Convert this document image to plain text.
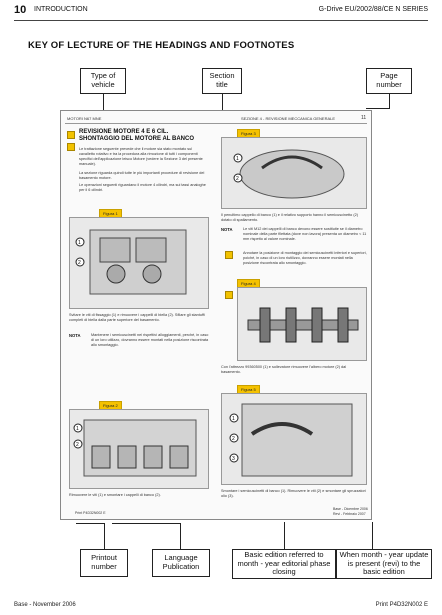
10 INTRODUCTION	G-Drive EU/2002/88/CE N SERIES
KEY OF LECTURE OF THE HEADINGS AND FOOTNOTES
Type of vehicle
Section title
Page number
MOTORI N67 MNE	SEZIONE 4 - REVISIONE MECCANICA GENERALE	11
REVISIONE MOTORE 4 E 6 CIL. SHONTAGGIO DEL MOTORE AL BANCO
Le trattazione seguente prevede che il motore sia stato montato sul cavalletto rotativo e tra la procedura alla rimozione di tutti i componenti specifici dell'applicazione leisco Motore (vedere la Sezione 3 del presente manuale).
La sezione riguarda quindi tutte le più importanti procedure di revisione del basamento motore.
Le operazioni seguenti riguardano il motore 4 cilindri, ma sui tassi analoghe per il 6 cilindri.
Figura 1
1
2
Svitare le viti di fissaggio (1) e rimuovere i cappelli di biella (2). Sfilare gli stantuffi completi di biella dalla parte superiore del basamento.
NOTA	Mantenere i semicuscinetti nei rispettivi alloggiamenti, perché, in caso di un loro utilizzo, dovranno essere montati nella posizione riscontrata allo smontaggio.
Figura 2
1
2
Rimuovere le viti (1) e smontare i cappelli di banco (2).
Print P4D32N002 E
Figura 3
1
2
Il penultimo cappello di banco (1) e il relativo supporto hanno il semicuscinetto (2) dotato di spallamento.
NOTA	Le viti M12 dei cappelli di banco devono essere sostituite se il diametro nominale della parte filettata (dove non lavora) presenta un diametro < 11 mm rispetto al valore nominale.
Annotare la posizione di montaggio dei semicuscinetti inferiori e superiori, poiché, in caso di un loro riutilizzo, dovranno essere montati nella posizione riscontrata allo smontaggio.
Figura 4
Con l'attrezzo 99360500 (1) e sollevatore rimuovere l'albero motore (2) dal basamento.
Figura 5
1
2
3
Smontare i semicuscinetti di banco (1). Rimuovere le viti (2) e smontare gli spruzzatori olio (3).
Base - Dicembre 2006
Revi - Febbraio 2007
Printout number
Language Publication
Basic edition referred to month - year editorial phase closing
When month - year update is present (revi) to the basic edition
Base - November 2006	Print P4D32N002 E
